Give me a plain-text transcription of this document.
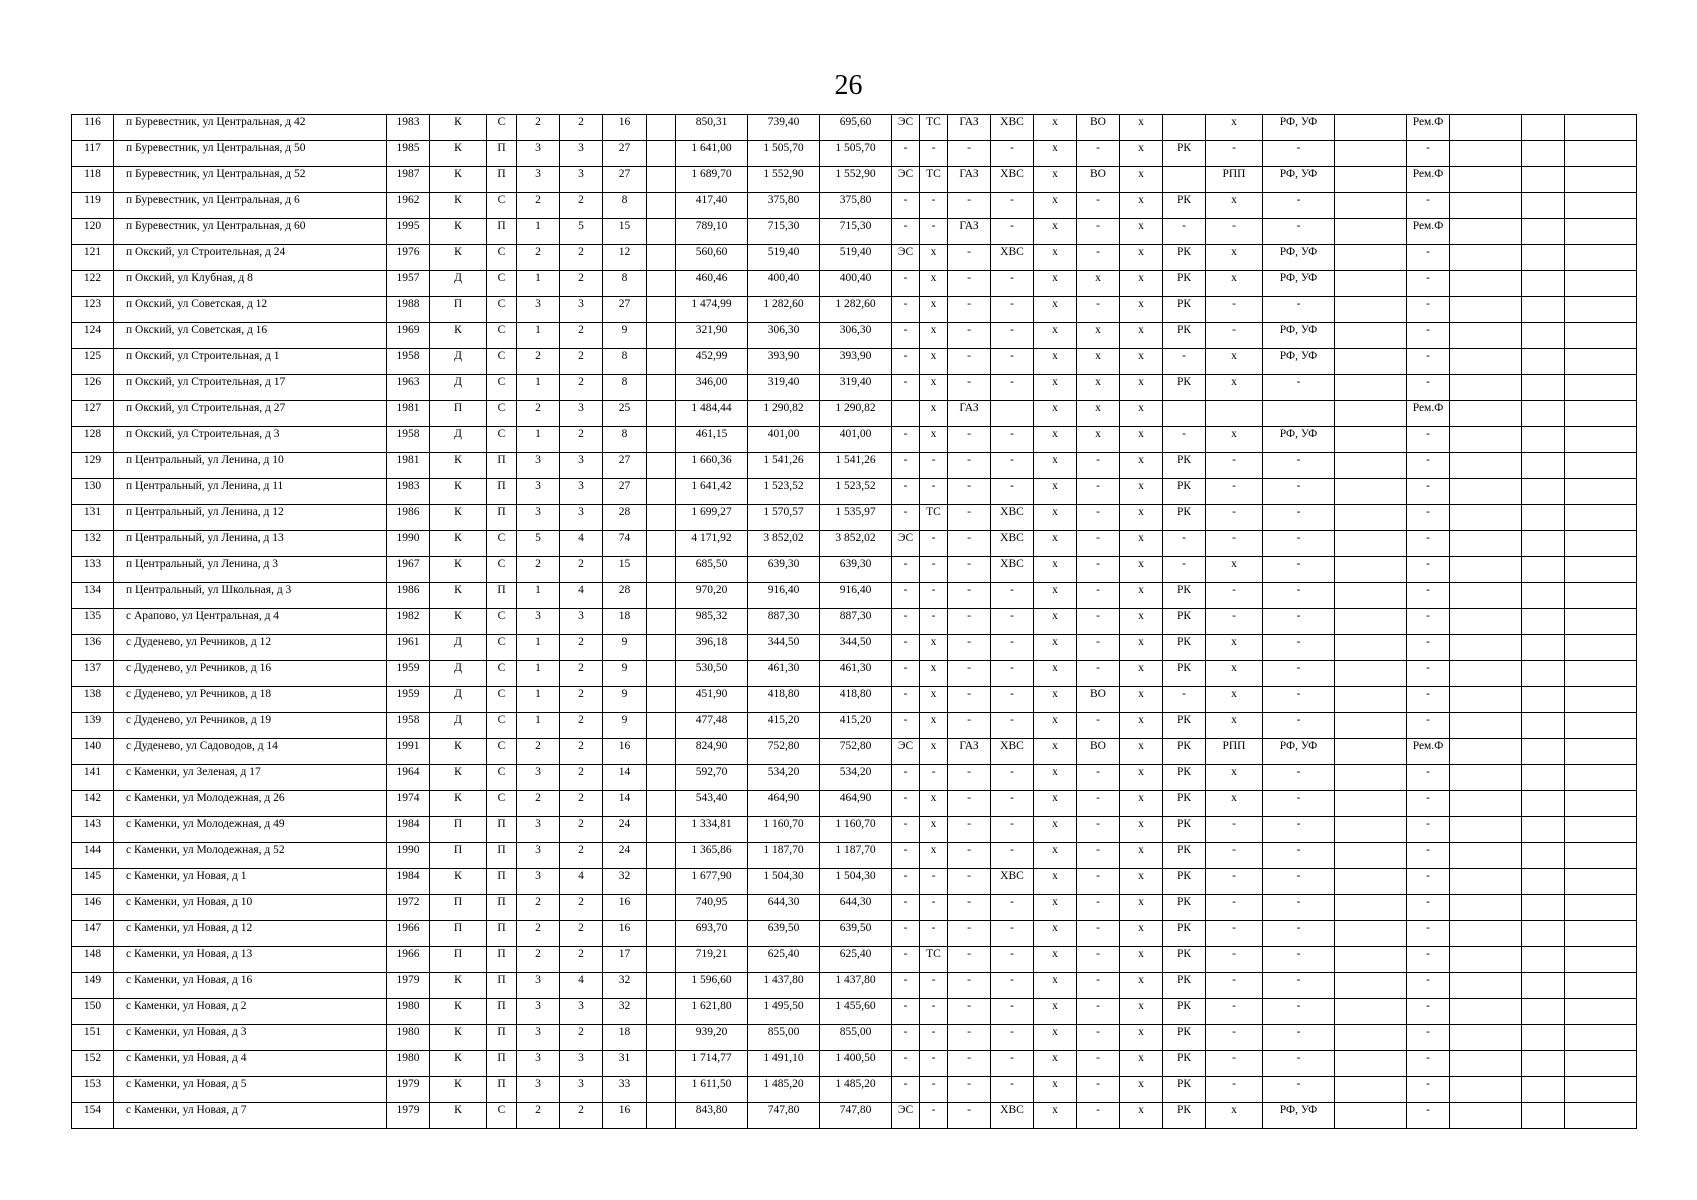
26
116	п Буревестник, ул Центральная, д 42	1983	К	С	2	2	16		850,31	739,40	695,60	ЭС	ТС	ГАЗ	ХВС	х	ВО	х		х	РФ, УФ		Рем.Ф			
117	п Буревестник, ул Центральная, д 50	1985	К	П	3	3	27		1 641,00	1 505,70	1 505,70	-	-	-	-	х	-	х	РК	-	-		-			
118	п Буревестник, ул Центральная, д 52	1987	К	П	3	3	27		1 689,70	1 552,90	1 552,90	ЭС	ТС	ГАЗ	ХВС	х	ВО	х		РПП	РФ, УФ		Рем.Ф			
119	п Буревестник, ул Центральная, д 6	1962	К	С	2	2	8		417,40	375,80	375,80	-	-	-	-	х	-	х	РК	х	-		-			
120	п Буревестник, ул Центральная, д 60	1995	К	П	1	5	15		789,10	715,30	715,30	-	-	ГАЗ	-	х	-	х	-	-	-		Рем.Ф			
121	п Окский, ул Строительная, д 24	1976	К	С	2	2	12		560,60	519,40	519,40	ЭС	х	-	ХВС	х	-	х	РК	х	РФ, УФ		-			
122	п Окский, ул Клубная, д 8	1957	Д	С	1	2	8		460,46	400,40	400,40	-	х	-	-	х	х	х	РК	х	РФ, УФ		-			
123	п Окский, ул Советская, д 12	1988	П	С	3	3	27		1 474,99	1 282,60	1 282,60	-	х	-	-	х	-	х	РК	-	-		-			
124	п Окский, ул Советская, д 16	1969	К	С	1	2	9		321,90	306,30	306,30	-	х	-	-	х	х	х	РК	-	РФ, УФ		-			
125	п Окский, ул Строительная, д 1	1958	Д	С	2	2	8		452,99	393,90	393,90	-	х	-	-	х	х	х	-	х	РФ, УФ		-			
126	п Окский, ул Строительная, д 17	1963	Д	С	1	2	8		346,00	319,40	319,40	-	х	-	-	х	х	х	РК	х	-		-			
127	п Окский, ул Строительная, д 27	1981	П	С	2	3	25		1 484,44	1 290,82	1 290,82		х	ГАЗ		х	х	х					Рем.Ф			
128	п Окский, ул Строительная, д 3	1958	Д	С	1	2	8		461,15	401,00	401,00	-	х	-	-	х	х	х	-	х	РФ, УФ		-			
129	п Центральный, ул Ленина, д 10	1981	К	П	3	3	27		1 660,36	1 541,26	1 541,26	-	-	-	-	х	-	х	РК	-	-		-			
130	п Центральный, ул Ленина, д 11	1983	К	П	3	3	27		1 641,42	1 523,52	1 523,52	-	-	-	-	х	-	х	РК	-	-		-			
131	п Центральный, ул Ленина, д 12	1986	К	П	3	3	28		1 699,27	1 570,57	1 535,97	-	ТС	-	ХВС	х	-	х	РК	-	-		-			
132	п Центральный, ул Ленина, д 13	1990	К	С	5	4	74		4 171,92	3 852,02	3 852,02	ЭС	-	-	ХВС	х	-	х	-	-	-		-			
133	п Центральный, ул Ленина, д 3	1967	К	С	2	2	15		685,50	639,30	639,30	-	-	-	ХВС	х	-	х	-	х	-		-			
134	п Центральный, ул Школьная, д 3	1986	К	П	1	4	28		970,20	916,40	916,40	-	-	-	-	х	-	х	РК	-	-		-			
135	с Арапово, ул Центральная, д 4	1982	К	С	3	3	18		985,32	887,30	887,30	-	-	-	-	х	-	х	РК	-	-		-			
136	с Дуденево, ул Речников, д 12	1961	Д	С	1	2	9		396,18	344,50	344,50	-	х	-	-	х	-	х	РК	х	-		-			
137	с Дуденево, ул Речников, д 16	1959	Д	С	1	2	9		530,50	461,30	461,30	-	х	-	-	х	-	х	РК	х	-		-			
138	с Дуденево, ул Речников, д 18	1959	Д	С	1	2	9		451,90	418,80	418,80	-	х	-	-	х	ВО	х	-	х	-		-			
139	с Дуденево, ул Речников, д 19	1958	Д	С	1	2	9		477,48	415,20	415,20	-	х	-	-	х	-	х	РК	х	-		-			
140	с Дуденево, ул Садоводов, д 14	1991	К	С	2	2	16		824,90	752,80	752,80	ЭС	х	ГАЗ	ХВС	х	ВО	х	РК	РПП	РФ, УФ		Рем.Ф			
141	с Каменки, ул Зеленая, д 17	1964	К	С	3	2	14		592,70	534,20	534,20	-	-	-	-	х	-	х	РК	х	-		-			
142	с Каменки, ул Молодежная, д 26	1974	К	С	2	2	14		543,40	464,90	464,90	-	х	-	-	х	-	х	РК	х	-		-			
143	с Каменки, ул Молодежная, д 49	1984	П	П	3	2	24		1 334,81	1 160,70	1 160,70	-	х	-	-	х	-	х	РК	-	-		-			
144	с Каменки, ул Молодежная, д 52	1990	П	П	3	2	24		1 365,86	1 187,70	1 187,70	-	х	-	-	х	-	х	РК	-	-		-			
145	с Каменки, ул Новая, д 1	1984	К	П	3	4	32		1 677,90	1 504,30	1 504,30	-	-	-	ХВС	х	-	х	РК	-	-		-			
146	с Каменки, ул Новая, д 10	1972	П	П	2	2	16		740,95	644,30	644,30	-	-	-	-	х	-	х	РК	-	-		-			
147	с Каменки, ул Новая, д 12	1966	П	П	2	2	16		693,70	639,50	639,50	-	-	-	-	х	-	х	РК	-	-		-			
148	с Каменки, ул Новая, д 13	1966	П	П	2	2	17		719,21	625,40	625,40	-	ТС	-	-	х	-	х	РК	-	-		-			
149	с Каменки, ул Новая, д 16	1979	К	П	3	4	32		1 596,60	1 437,80	1 437,80	-	-	-	-	х	-	х	РК	-	-		-			
150	с Каменки, ул Новая, д 2	1980	К	П	3	3	32		1 621,80	1 495,50	1 455,60	-	-	-	-	х	-	х	РК	-	-		-			
151	с Каменки, ул Новая, д 3	1980	К	П	3	2	18		939,20	855,00	855,00	-	-	-	-	х	-	х	РК	-	-		-			
152	с Каменки, ул Новая, д 4	1980	К	П	3	3	31		1 714,77	1 491,10	1 400,50	-	-	-	-	х	-	х	РК	-	-		-			
153	с Каменки, ул Новая, д 5	1979	К	П	3	3	33		1 611,50	1 485,20	1 485,20	-	-	-	-	х	-	х	РК	-	-		-			
154	с Каменки, ул Новая, д 7	1979	К	С	2	2	16		843,80	747,80	747,80	ЭС	-	-	ХВС	х	-	х	РК	х	РФ, УФ		-			
